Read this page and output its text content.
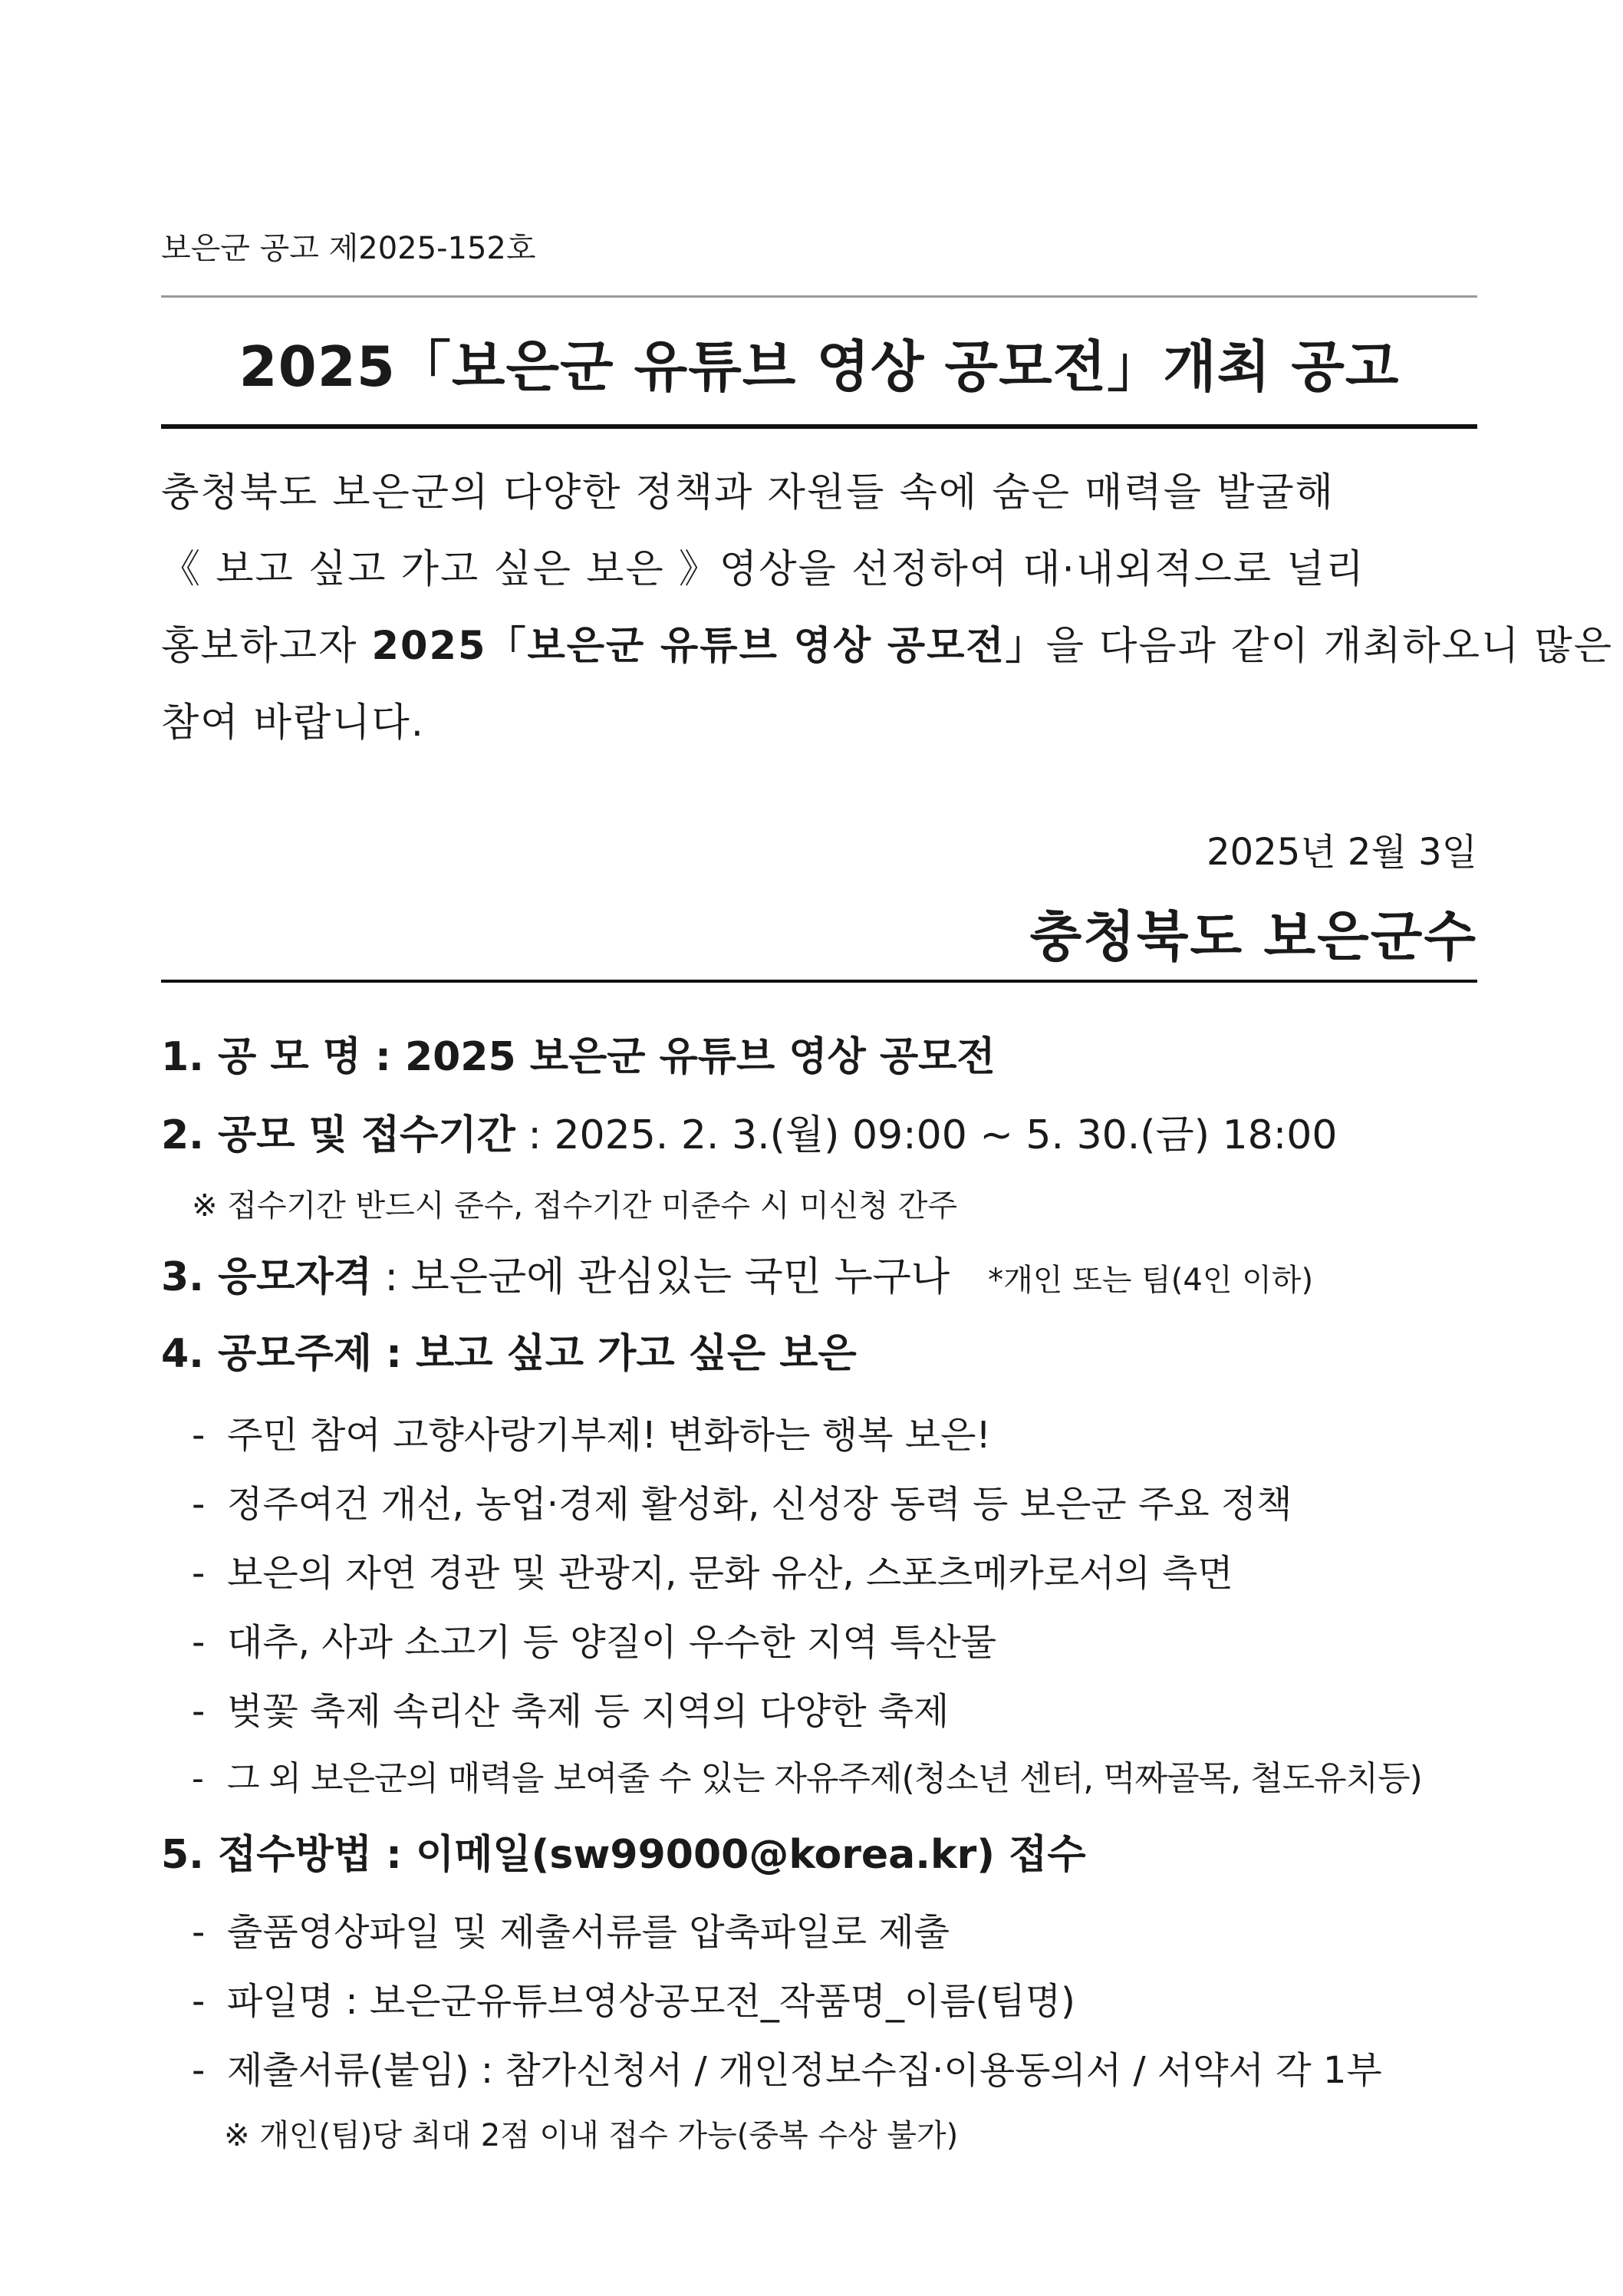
보은군 공고 제2025-152호
2025「보은군 유튜브 영상 공모전」개최 공고
충청북도 보은군의 다양한 정책과 자원들 속에 숨은 매력을 발굴해
《 보고 싶고 가고 싶은 보은 》영상을 선정하여 대·내외적으로 널리
홍보하고자 2025「보은군 유튜브 영상 공모전」을 다음과 같이 개최하오니 많은
참여 바랍니다.
2025년 2월 3일
충청북도 보은군수
1. 공 모 명 : 2025 보은군 유튜브 영상 공모전
2. 공모 및 접수기간 : 2025. 2. 3.(월) 09:00 ~ 5. 30.(금) 18:00
※ 접수기간 반드시 준수, 접수기간 미준수 시 미신청 간주
3. 응모자격 : 보은군에 관심있는 국민 누구나 *개인 또는 팀(4인 이하)
4. 공모주제 : 보고 싶고 가고 싶은 보은
- 주민 참여 고향사랑기부제! 변화하는 행복 보은!
- 정주여건 개선, 농업·경제 활성화, 신성장 동력 등 보은군 주요 정책
- 보은의 자연 경관 및 관광지, 문화 유산, 스포츠메카로서의 측면
- 대추, 사과 소고기 등 양질이 우수한 지역 특산물
- 벚꽃 축제 속리산 축제 등 지역의 다양한 축제
- 그 외 보은군의 매력을 보여줄 수 있는 자유주제(청소년 센터, 먹짜골목, 철도유치등)
5. 접수방법 : 이메일(sw99000@korea.kr) 접수
- 출품영상파일 및 제출서류를 압축파일로 제출
- 파일명 : 보은군유튜브영상공모전_작품명_이름(팀명)
- 제출서류(붙임) : 참가신청서 / 개인정보수집·이용동의서 / 서약서 각 1부
※ 개인(팀)당 최대 2점 이내 접수 가능(중복 수상 불가)
